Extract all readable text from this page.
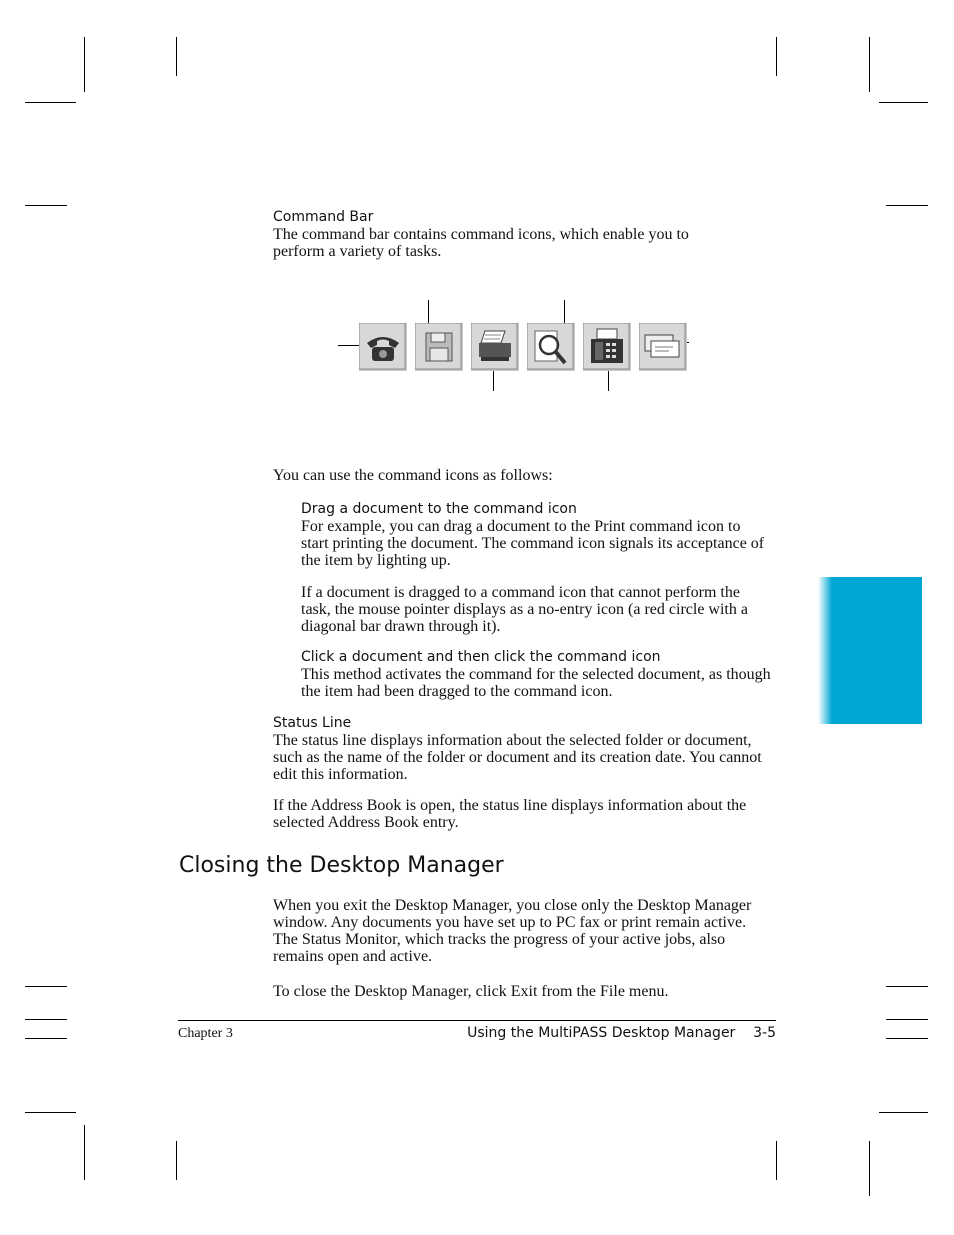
Command Bar

The command bar contains command icons, which enable you to perform a variety of tasks.

You can use the command icons as follows:

Drag a document to the command icon

For example, you can drag a document to the Print command icon to start printing the document. The command icon signals its acceptance of the item by lighting up.

If a document is dragged to a command icon that cannot perform the task, the mouse pointer displays as a no-entry icon (a red circle with a diagonal bar drawn through it).

Click a document and then click the command icon

This method activates the command for the selected document, as though the item had been dragged to the command icon.

Status Line

The status line displays information about the selected folder or document, such as the name of the folder or document and its creation date. You cannot edit this information.

If the Address Book is open, the status line displays information about the selected Address Book entry.

Closing the Desktop Manager

When you exit the Desktop Manager, you close only the Desktop Manager window. Any documents you have set up to PC fax or print remain active. The Status Monitor, which tracks the progress of your active jobs, also remains open and active.

To close the Desktop Manager, click Exit from the File menu.

Chapter 3	Using the MultiPASS Desktop Manager 3-5
